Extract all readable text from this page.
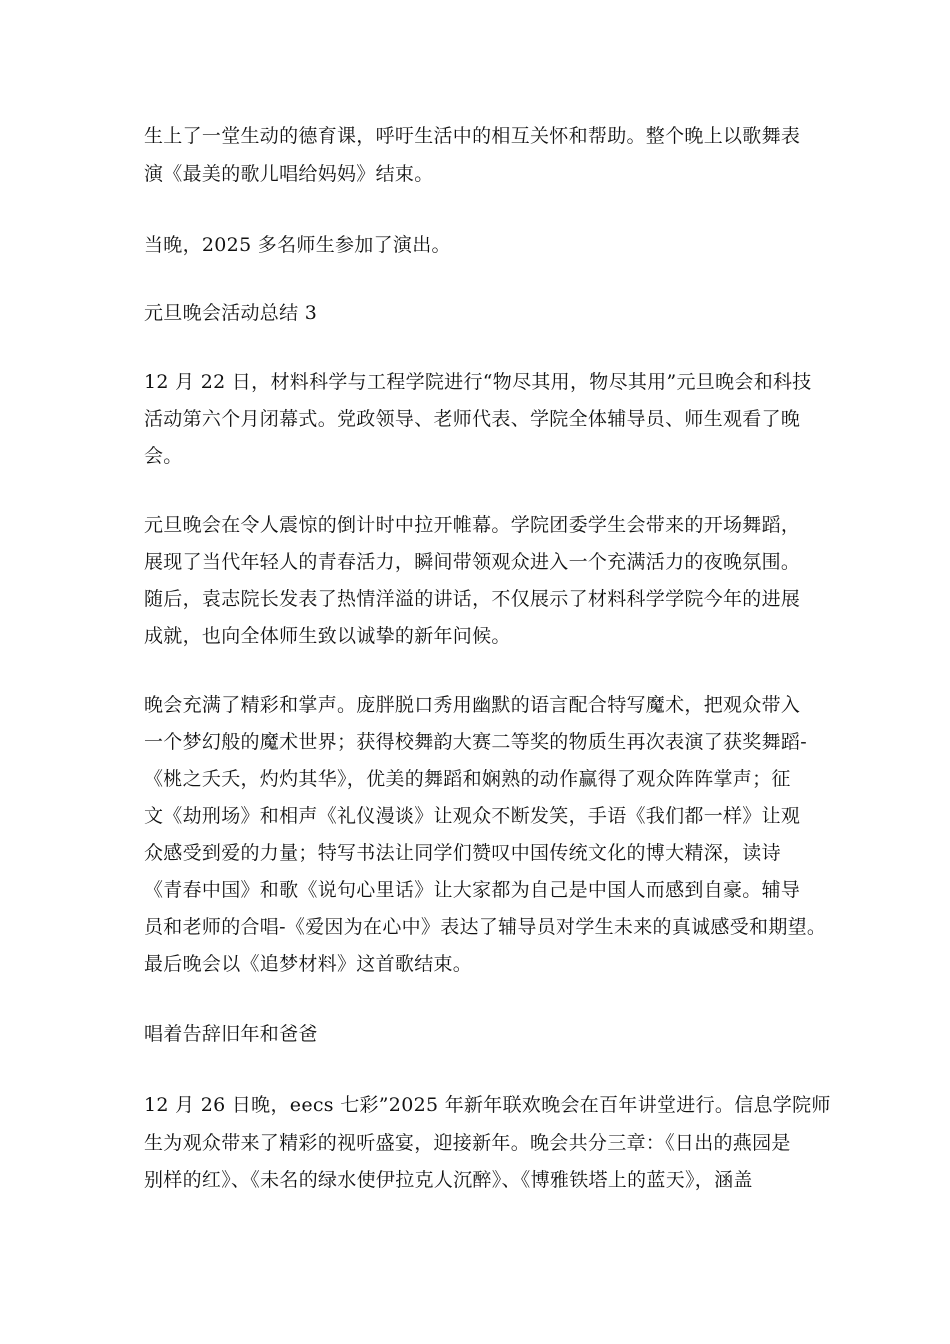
生上了一堂生动的德育课，呼吁生活中的相互关怀和帮助。整个晚上以歌舞表
演《最美的歌儿唱给妈妈》结束。
当晚，2025 多名师生参加了演出。
元旦晚会活动总结 3
12 月 22 日，材料科学与工程学院进行“物尽其用，物尽其用”元旦晚会和科技
活动第六个月闭幕式。党政领导、老师代表、学院全体辅导员、师生观看了晚
会。
元旦晚会在令人震惊的倒计时中拉开帷幕。学院团委学生会带来的开场舞蹈，
展现了当代年轻人的青春活力，瞬间带领观众进入一个充满活力的夜晚氛围。
随后，袁志院长发表了热情洋溢的讲话，不仅展示了材料科学学院今年的进展
成就，也向全体师生致以诚挚的新年问候。
晚会充满了精彩和掌声。庞胖脱口秀用幽默的语言配合特写魔术，把观众带入
一个梦幻般的魔术世界；获得校舞韵大赛二等奖的物质生再次表演了获奖舞蹈-
《桃之夭夭，灼灼其华》，优美的舞蹈和娴熟的动作赢得了观众阵阵掌声；征
文《劫刑场》和相声《礼仪漫谈》让观众不断发笑，手语《我们都一样》让观
众感受到爱的力量；特写书法让同学们赞叹中国传统文化的博大精深，读诗
《青春中国》和歌《说句心里话》让大家都为自己是中国人而感到自豪。辅导
员和老师的合唱-《爱因为在心中》表达了辅导员对学生未来的真诚感受和期望。
最后晚会以《追梦材料》这首歌结束。
唱着告辞旧年和爸爸
12 月 26 日晚，eecs 七彩”2025 年新年联欢晚会在百年讲堂进行。信息学院师
生为观众带来了精彩的视听盛宴，迎接新年。晚会共分三章：《日出的燕园是
别样的红》、《未名的绿水使伊拉克人沉醉》、《博雅铁塔上的蓝天》，涵盖
